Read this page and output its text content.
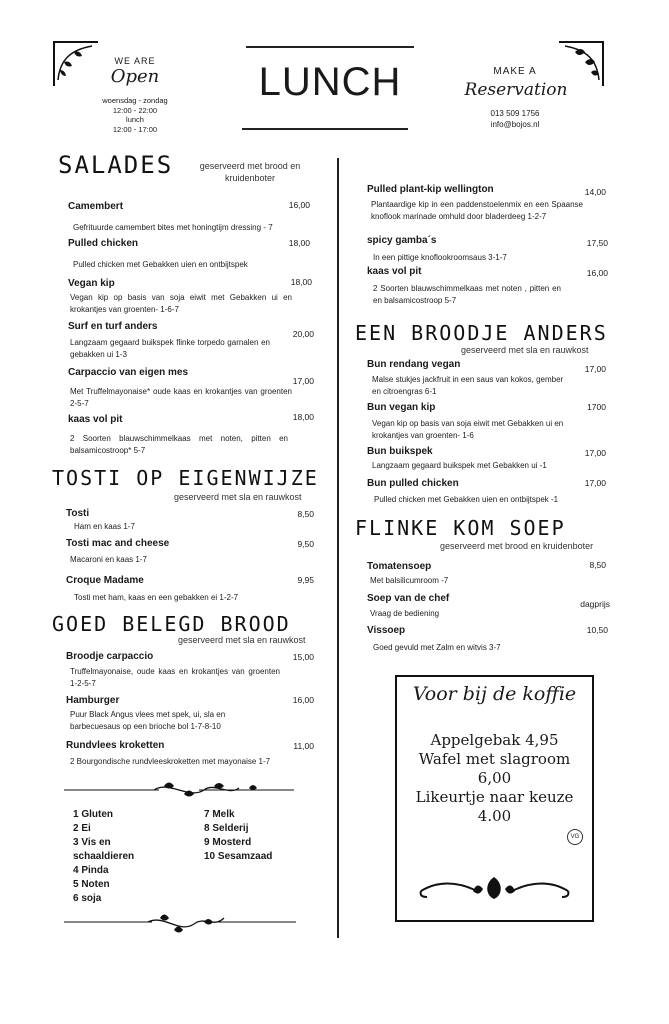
WE ARE
Open
woensdag - zondag
12:00 - 22:00
lunch
12:00 - 17:00
LUNCH	MAKE A
Reservation
013 509 1756
info@bojos.nl
SALADES	geserveerd met brood en kruidenboter
Camembert	16,00
Gefrituurde camembert bites met honingtijm dressing - 7
Pulled chicken	18,00
Pulled chicken met Gebakken uien en ontbijtspek
Vegan kip	18,00
Vegan kip op basis van soja eiwit met Gebakken ui en krokantjes van groenten- 1-6-7
Surf en turf anders
20,00
Langzaam gegaard buikspek flinke torpedo garnalen en gebakken ui 1-3
Carpaccio van eigen mes
17,00
Met Truffelmayonaise* oude kaas en krokantjes van groenten 2-5-7
kaas vol pit	18,00
2 Soorten blauwschimmelkaas met noten, pitten en balsamicostroop* 5-7
TOSTI OP EIGENWIJZE
geserveerd met sla en rauwkost
Tosti	8,50
Ham en kaas 1-7
Tosti mac and cheese	9,50
Macaroni en kaas 1-7
Croque Madame	9,95
Tosti met ham, kaas en een gebakken ei 1-2-7
GOED BELEGD BROOD
geserveerd met sla en rauwkost
Broodje carpaccio	15,00
Truffelmayonaise, oude kaas en krokantjes van groenten 1-2-5-7
Hamburger	16,00
Puur Black Angus vlees met spek, ui, sla en barbecuesaus op een brioche bol 1-7-8-10
Rundvlees kroketten	11,00
2 Bourgondische rundvleeskroketten met mayonaise 1-7
1 Gluten
2 Ei
3 Vis en
schaaldieren
4 Pinda
5 Noten
6 soja
7 Melk
8 Selderij
9 Mosterd
10 Sesamzaad
Pulled plant-kip wellington	14,00
Plantaardige kip in een paddenstoelenmix en een Spaanse knoflook marinade omhuld door bladerdeeg 1-2-7
spicy gamba´s	17,50
In een pittige knoflookroomsaus 3-1-7
kaas vol pit	16,00
2 Soorten blauwschimmelkaas met noten , pitten en en balsamicostroop 5-7
EEN BROODJE ANDERS
geserveerd met sla en rauwkost
Bun rendang vegan	17,00
Malse stukjes jackfruit in een saus van kokos, gember en citroengras 6-1
Bun vegan kip	1700
Vegan kip op basis van soja eiwit met Gebakken ui en krokantjes van groenten- 1-6
Bun buikspek	17,00
Langzaam gegaard buikspek met Gebakken ui -1
Bun pulled chicken	17,00
Pulled chicken met Gebakken uien en ontbijtspek -1
FLINKE KOM SOEP
geserveerd met brood en kruidenboter
Tomatensoep	8,50
Met balsilicumroom -7
Soep van de chef	dagprijs
Vraag de bediening
Vissoep	10,50
Goed gevuld met Zalm en witvis 3-7
Voor bij de koffie
Appelgebak 4,95
Wafel met slagroom
6,00
Likeurtje naar keuze
4.00
VG
